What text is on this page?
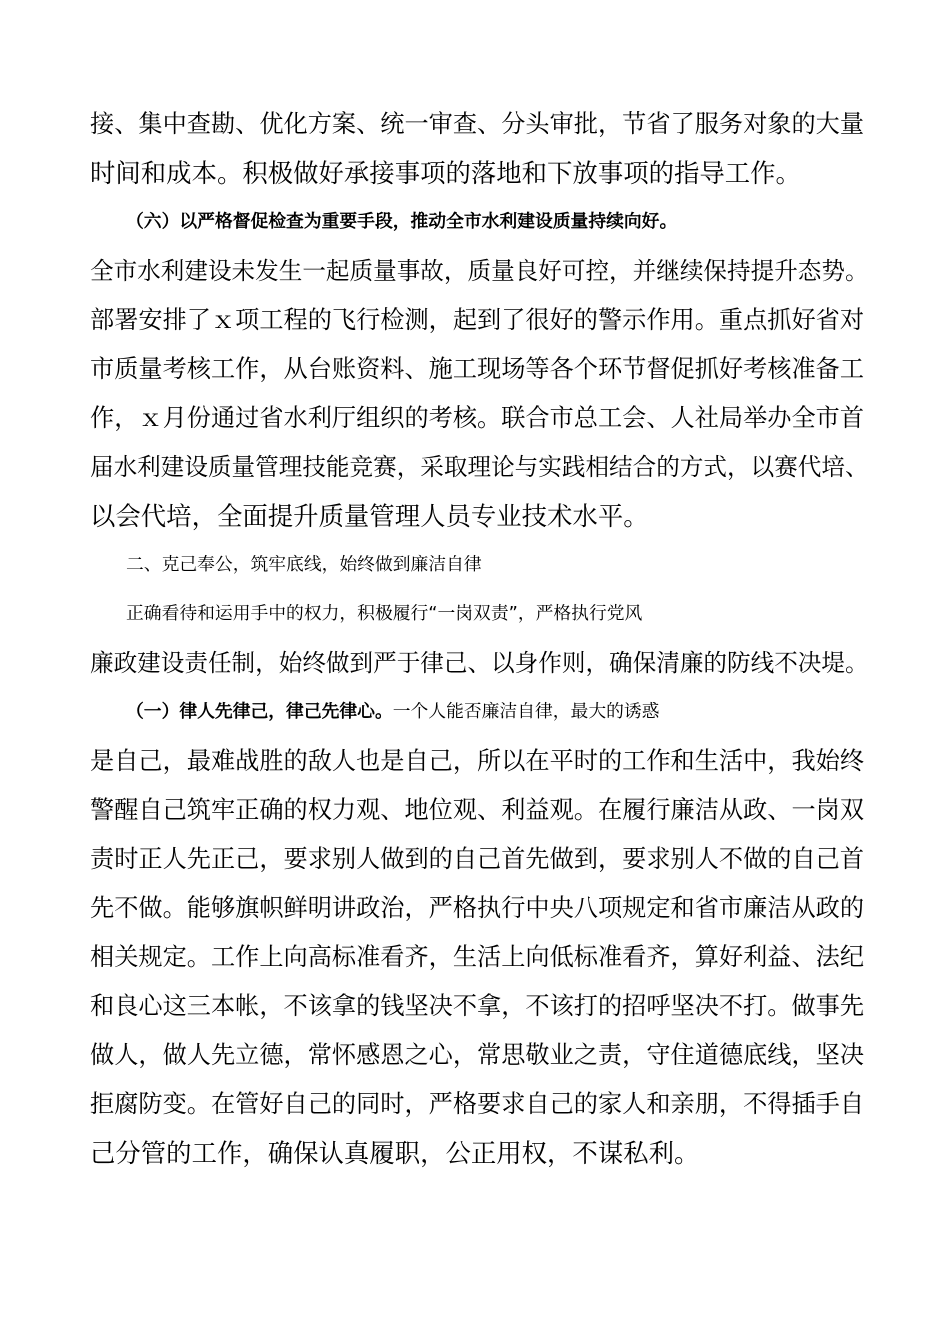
接、集中查勘、优化方案、统一审查、分头审批，节省了服务对象的大量
时间和成本。积极做好承接事项的落地和下放事项的指导工作。
（六）以严格督促检查为重要手段，推动全市水利建设质量持续向好。
全市水利建设未发生一起质量事故，质量良好可控，并继续保持提升态势。
部署安排了ｘ项工程的飞行检测，起到了很好的警示作用。重点抓好省对
市质量考核工作，从台账资料、施工现场等各个环节督促抓好考核准备工
作，ｘ月份通过省水利厅组织的考核。联合市总工会、人社局举办全市首
届水利建设质量管理技能竞赛，采取理论与实践相结合的方式，以赛代培、
以会代培，全面提升质量管理人员专业技术水平。
二、克己奉公，筑牢底线，始终做到廉洁自律
正确看待和运用手中的权力，积极履行“一岗双责”，严格执行党风
廉政建设责任制，始终做到严于律己、以身作则，确保清廉的防线不决堤。
（一）律人先律己，律己先律心。一个人能否廉洁自律，最大的诱惑
是自己，最难战胜的敌人也是自己，所以在平时的工作和生活中，我始终
警醒自己筑牢正确的权力观、地位观、利益观。在履行廉洁从政、一岗双
责时正人先正己，要求别人做到的自己首先做到，要求别人不做的自己首
先不做。能够旗帜鲜明讲政治，严格执行中央八项规定和省市廉洁从政的
相关规定。工作上向高标准看齐，生活上向低标准看齐，算好利益、法纪
和良心这三本帐，不该拿的钱坚决不拿，不该打的招呼坚决不打。做事先
做人，做人先立德，常怀感恩之心，常思敬业之责，守住道德底线，坚决
拒腐防变。在管好自己的同时，严格要求自己的家人和亲朋，不得插手自
己分管的工作，确保认真履职，公正用权，不谋私利。
